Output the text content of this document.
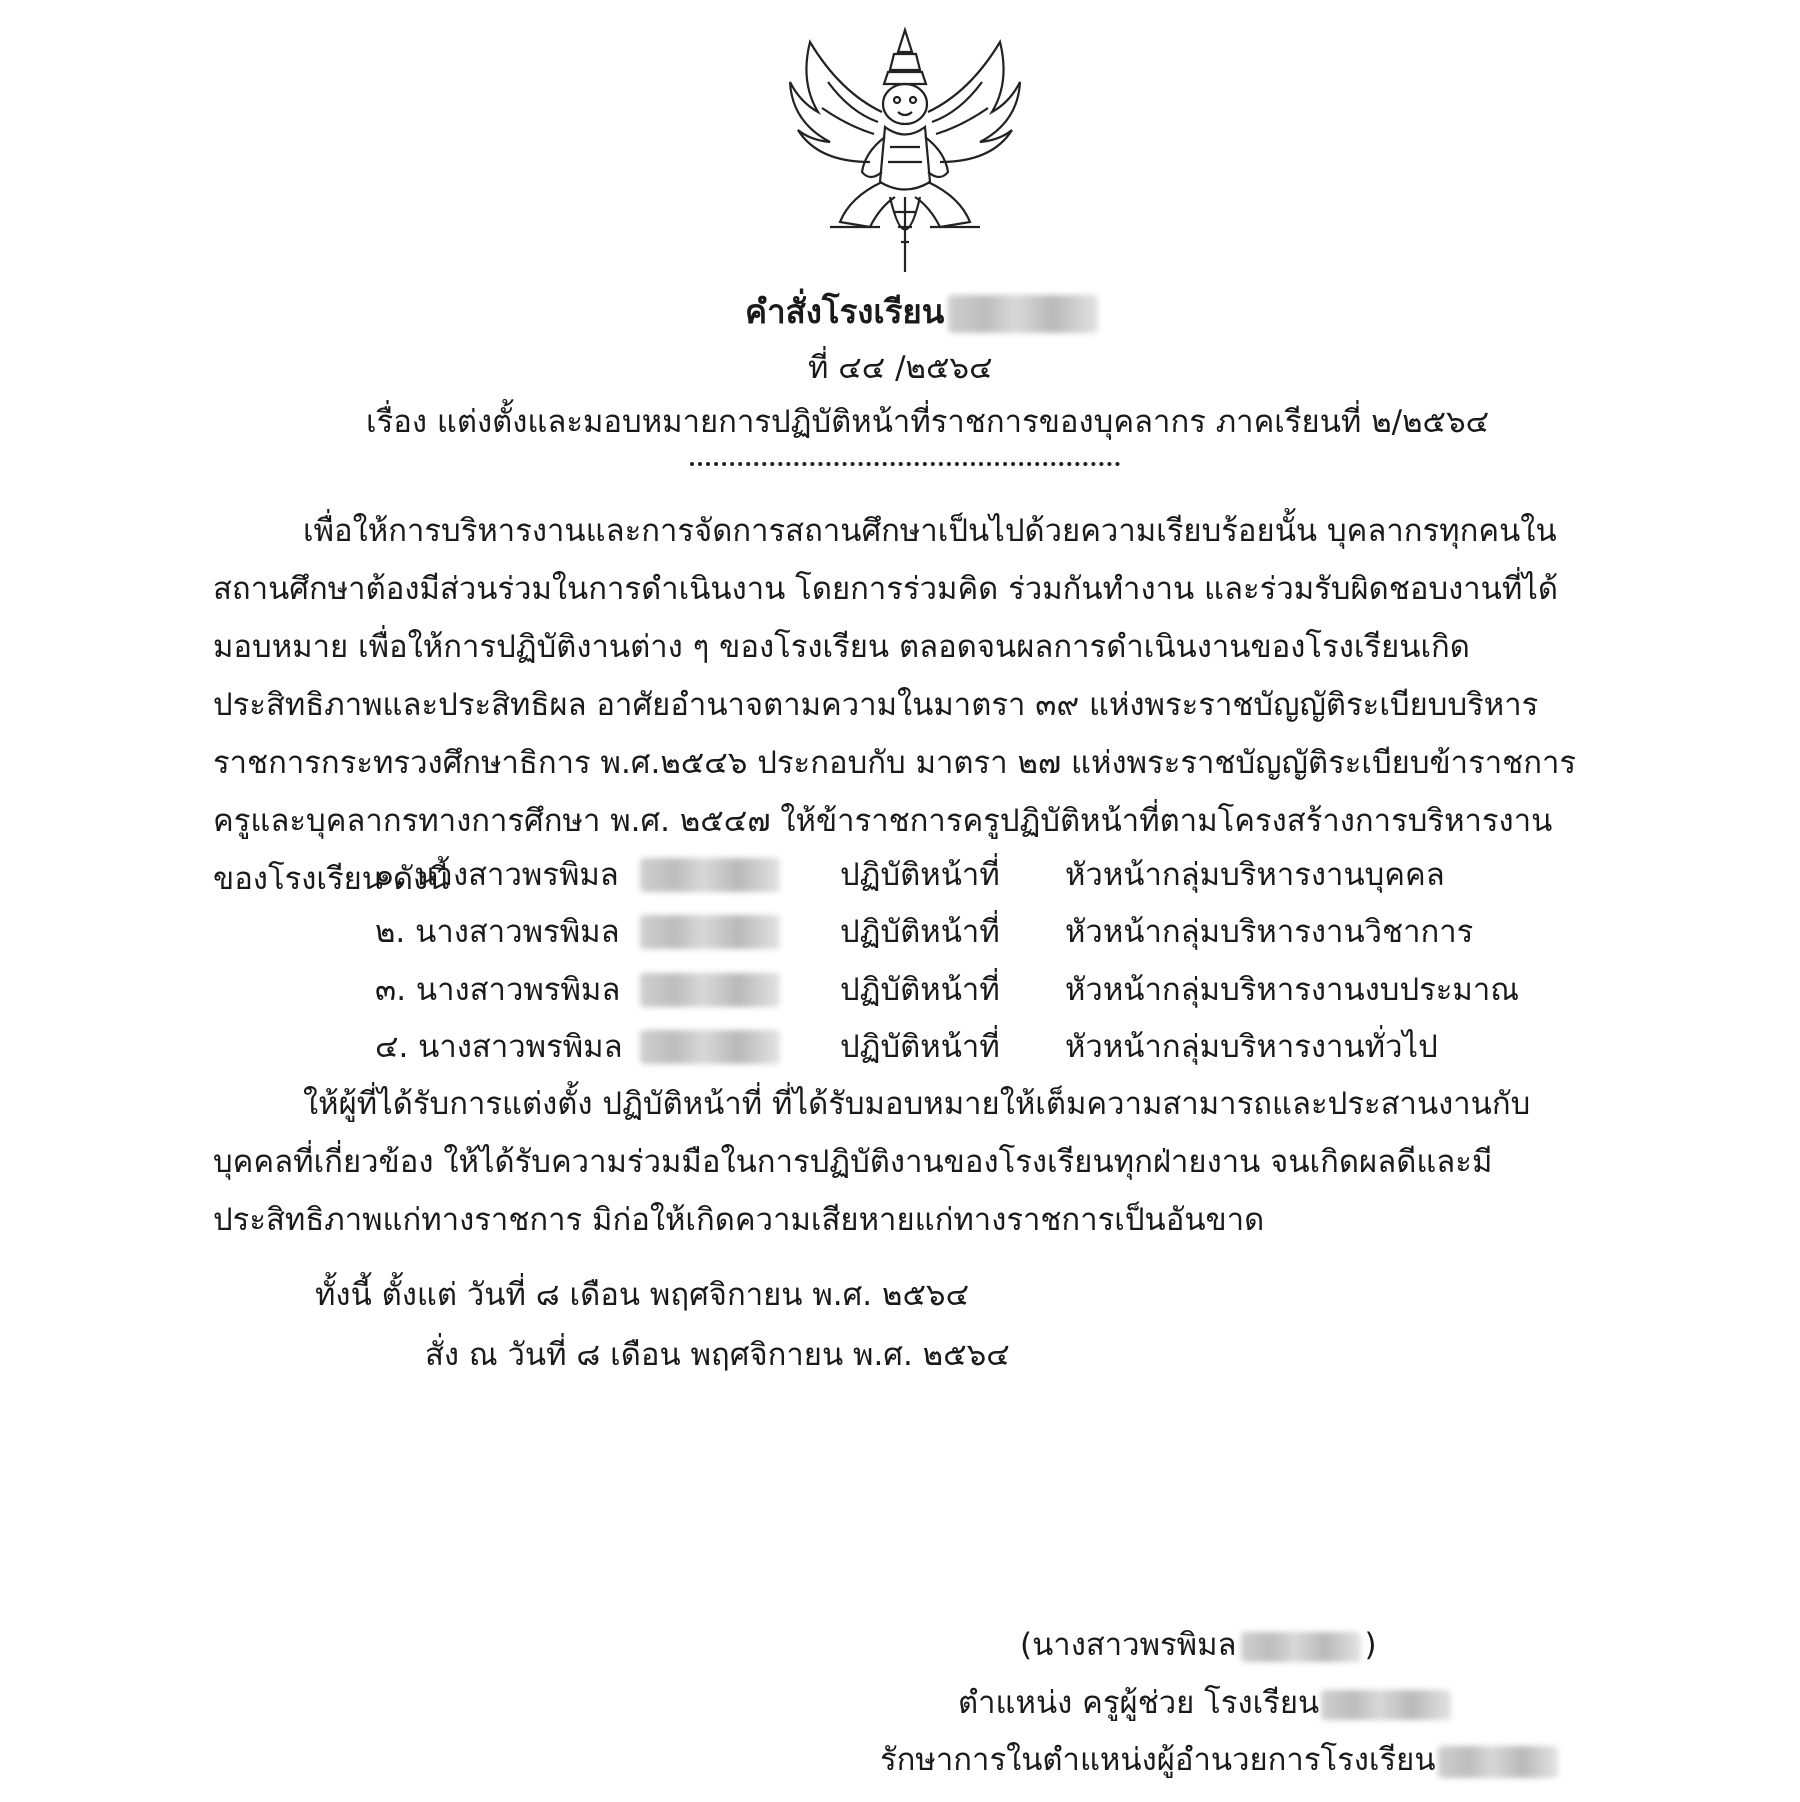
คำสั่งโรงเรียน
ที่ ๔๔ /๒๕๖๔
เรื่อง แต่งตั้งและมอบหมายการปฏิบัติหน้าที่ราชการของบุคลากร ภาคเรียนที่ ๒/๒๕๖๔
เพื่อให้การบริหารงานและการจัดการสถานศึกษาเป็นไปด้วยความเรียบร้อยนั้น บุคลากรทุกคนในสถานศึกษาต้องมีส่วนร่วมในการดำเนินงาน โดยการร่วมคิด ร่วมกันทำงาน และร่วมรับผิดชอบงานที่ได้มอบหมาย เพื่อให้การปฏิบัติงานต่าง ๆ ของโรงเรียน ตลอดจนผลการดำเนินงานของโรงเรียนเกิดประสิทธิภาพและประสิทธิผล อาศัยอำนาจตามความในมาตรา ๓๙ แห่งพระราชบัญญัติระเบียบบริหารราชการกระทรวงศึกษาธิการ พ.ศ.๒๕๔๖ ประกอบกับ มาตรา ๒๗ แห่งพระราชบัญญัติระเบียบข้าราชการครูและบุคลากรทางการศึกษา พ.ศ. ๒๕๔๗ ให้ข้าราชการครูปฏิบัติหน้าที่ตามโครงสร้างการบริหารงานของโรงเรียน ดังนี้
๑. นางสาวพรพิมล	ปฏิบัติหน้าที่ หัวหน้ากลุ่มบริหารงานบุคคล
๒. นางสาวพรพิมล	ปฏิบัติหน้าที่ หัวหน้ากลุ่มบริหารงานวิชาการ
๓. นางสาวพรพิมล	ปฏิบัติหน้าที่ หัวหน้ากลุ่มบริหารงานงบประมาณ
๔. นางสาวพรพิมล	ปฏิบัติหน้าที่ หัวหน้ากลุ่มบริหารงานทั่วไป
ให้ผู้ที่ได้รับการแต่งตั้ง ปฏิบัติหน้าที่ ที่ได้รับมอบหมายให้เต็มความสามารถและประสานงานกับบุคคลที่เกี่ยวข้อง ให้ได้รับความร่วมมือในการปฏิบัติงานของโรงเรียนทุกฝ่ายงาน จนเกิดผลดีและมีประสิทธิภาพแก่ทางราชการ มิก่อให้เกิดความเสียหายแก่ทางราชการเป็นอันขาด
ทั้งนี้ ตั้งแต่ วันที่ ๘ เดือน พฤศจิกายน พ.ศ. ๒๕๖๔
สั่ง ณ วันที่ ๘ เดือน พฤศจิกายน พ.ศ. ๒๕๖๔
(นางสาวพรพิมล	)
ตำแหน่ง ครูผู้ช่วย โรงเรียน
รักษาการในตำแหน่งผู้อำนวยการโรงเรียน
